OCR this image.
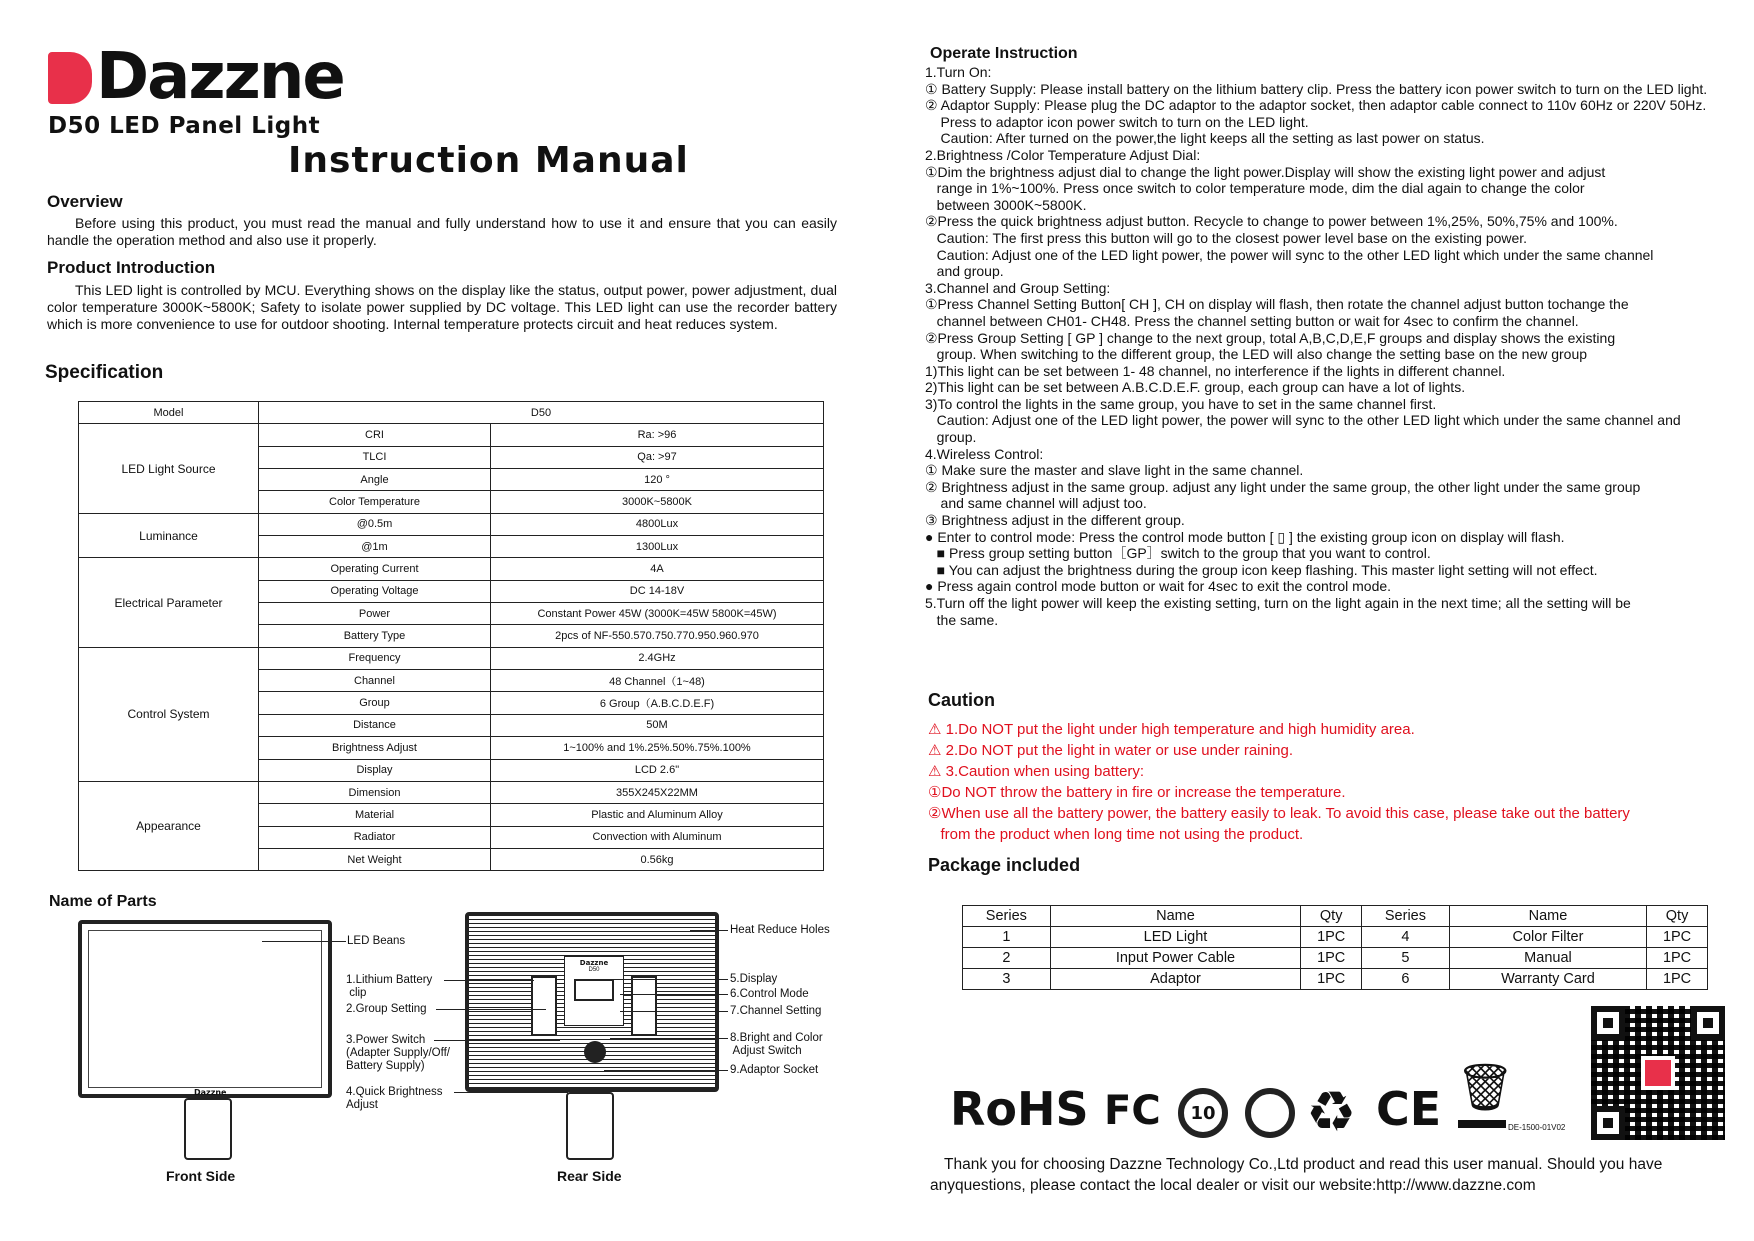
Dazzne
D50 LED Panel Light
Instruction Manual
Overview

Before using this product, you must read the manual and fully understand how to use it and ensure that you can easily handle the operation method and also use it properly.

Product Introduction

This LED light is controlled by MCU. Everything shows on the display like the status, output power, power adjustment, dual color temperature 3000K~5800K; Safety to isolate power supplied by DC voltage. This LED light can use the recorder battery which is more convenience to use for outdoor shooting. Internal temperature protects circuit and heat reduces system.

Specification
Model	D50	
LED Light Source	CRI	Ra: >96
	TLCI	Qa: >97
	Angle	120 °
	Color Temperature	3000K~5800K
Luminance	@0.5m	4800Lux
	@1m	1300Lux
Electrical Parameter	Operating Current	4A
	Operating Voltage	DC 14-18V
	Power	Constant Power 45W (3000K=45W 5800K=45W)
	Battery Type	2pcs of NF-550.570.750.770.950.960.970
Control System	Frequency	2.4GHz
	Channel	48 Channel（1~48)
	Group	6 Group（A.B.C.D.E.F)
	Distance	50M
	Brightness Adjust	1~100% and 1%.25%.50%.75%.100%
	Display	LCD 2.6"
Appearance	Dimension	355X245X22MM
	Material	Plastic and Aluminum Alloy
	Radiator	Convection with Aluminum
	Net Weight	0.56kg
Name of Parts
Dazzne
Front Side
Dazzne
D50
Rear Side
LED Beans
1.Lithium Battery
clip
2.Group Setting
3.Power Switch
(Adapter Supply/Off/
Battery Supply)
4.Quick Brightness
Adjust
Heat Reduce Holes
5.Display
6.Control Mode
7.Channel Setting
8.Bright and Color
Adjust Switch
9.Adaptor Socket
Operate Instruction
1.Turn On:
① Battery Supply: Please install battery on the lithium battery clip. Press the battery icon power switch to turn on the LED light.
② Adaptor Supply: Please plug the DC adaptor to the adaptor socket, then adaptor cable connect to 110v 60Hz or 220V 50Hz.
Press to adaptor icon power switch to turn on the LED light.
Caution: After turned on the power,the light keeps all the setting as last power on status.
2.Brightness /Color Temperature Adjust Dial:
①Dim the brightness adjust dial to change the light power.Display will show the existing light power and adjust
range in 1%~100%. Press once switch to color temperature mode, dim the dial again to change the color
between 3000K~5800K.
②Press the quick brightness adjust button. Recycle to change to power between 1%,25%, 50%,75% and 100%.
Caution: The first press this button will go to the closest power level base on the existing power.
Caution: Adjust one of the LED light power, the power will sync to the other LED light which under the same channel
and group.
3.Channel and Group Setting:
①Press Channel Setting Button[ CH ], CH on display will flash, then rotate the channel adjust button tochange the
channel between CH01- CH48. Press the channel setting button or wait for 4sec to confirm the channel.
②Press Group Setting [ GP ] change to the next group, total A,B,C,D,E,F groups and display shows the existing
group. When switching to the different group, the LED will also change the setting base on the new group
1)This light can be set between 1- 48 channel, no interference if the lights in different channel.
2)This light can be set between A.B.C.D.E.F. group, each group can have a lot of lights.
3)To control the lights in the same group, you have to set in the same channel first.
Caution: Adjust one of the LED light power, the power will sync to the other LED light which under the same channel and
group.
4.Wireless Control:
① Make sure the master and slave light in the same channel.
② Brightness adjust in the same group. adjust any light under the same group, the other light under the same group
and same channel will adjust too.
③ Brightness adjust in the different group.
● Enter to control mode: Press the control mode button [ ▯ ] the existing group icon on display will flash.
■ Press group setting button［GP］switch to the group that you want to control.
■ You can adjust the brightness during the group icon keep flashing. This master light setting will not effect.
● Press again control mode button or wait for 4sec to exit the control mode.
5.Turn off the light power will keep the existing setting, turn on the light again in the next time; all the setting will be
the same.
Caution
⚠ 1.Do NOT put the light under high temperature and high humidity area.
⚠ 2.Do NOT put the light in water or use under raining.
⚠ 3.Caution when using battery:
①Do NOT throw the battery in fire or increase the temperature.
②When use all the battery power, the battery easily to leak. To avoid this case, please take out the battery
from the product when long time not using the product.
Package included
Series	Name	Qty	Series	Name	Qty
1	LED Light	1PC	4	Color Filter	1PC
2	Input Power Cable	1PC	5	Manual	1PC
3	Adaptor	1PC	6	Warranty Card	1PC
RoHS FC	10 ♻ CE 🗑
DE-1500-01V02

Thank you for choosing Dazzne Technology Co.,Ltd product and read this user manual. Should you have anyquestions, please contact the local dealer or visit our website:http://www.dazzne.com
